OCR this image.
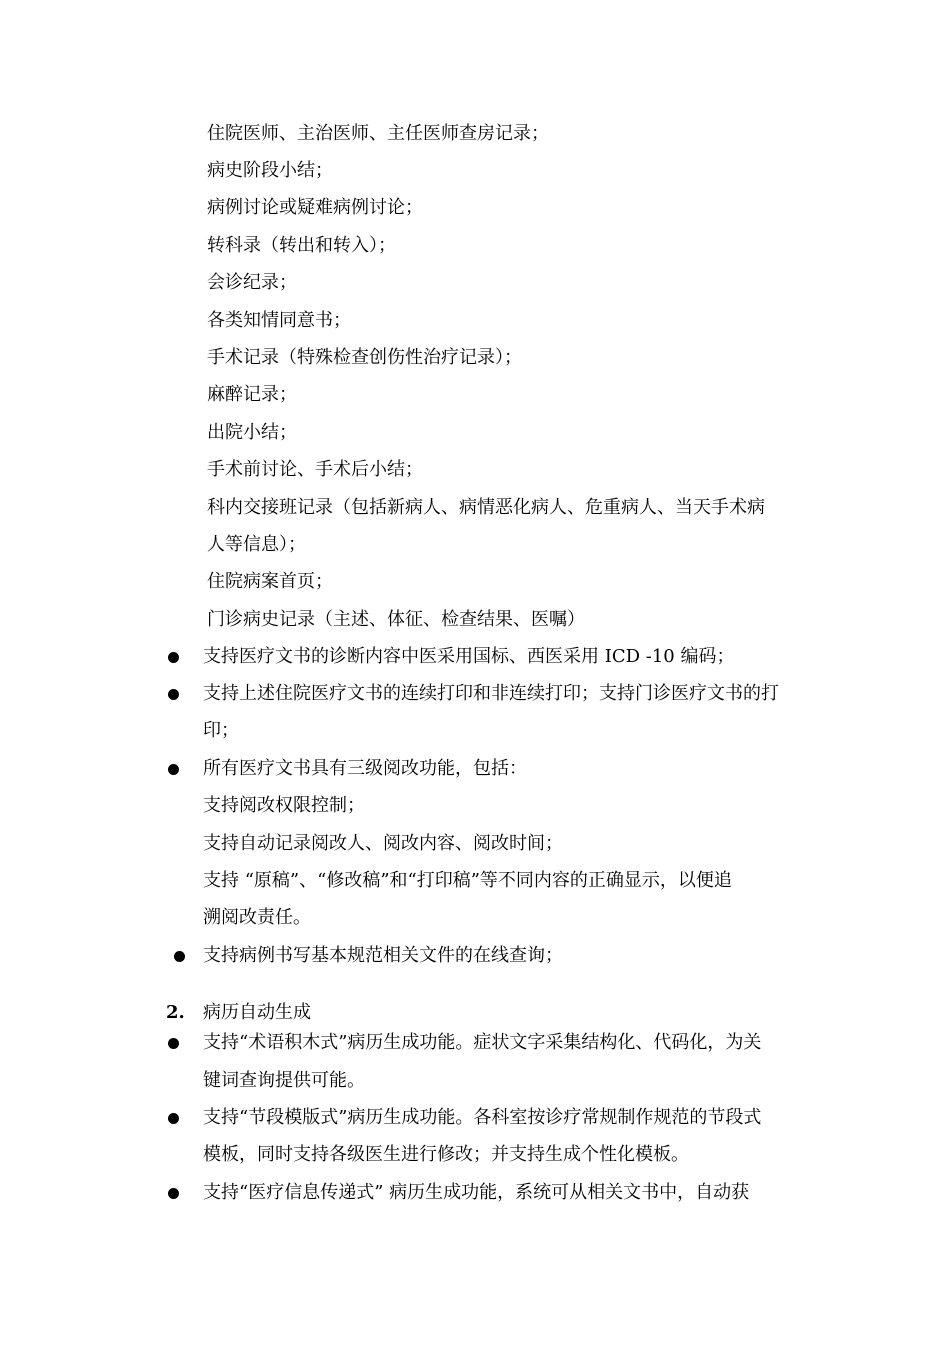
住院医师、主治医师、主任医师查房记录；
病史阶段小结；
病例讨论或疑难病例讨论；
转科录（转出和转入）；
会诊纪录；
各类知情同意书；
手术记录（特殊检查创伤性治疗记录）；
麻醉记录；
出院小结；
手术前讨论、手术后小结；
科内交接班记录（包括新病人、病情恶化病人、危重病人、当天手术病
人等信息）；
住院病案首页；
门诊病史记录（主述、体征、检查结果、医嘱）
支持医疗文书的诊断内容中医采用国标、西医采用 ICD -10 编码；
支持上述住院医疗文书的连续打印和非连续打印；支持门诊医疗文书的打
印；
所有医疗文书具有三级阅改功能，包括：
支持阅改权限控制；
支持自动记录阅改人、阅改内容、阅改时间；
支持 “原稿”、“修改稿”和“打印稿”等不同内容的正确显示，以便追
溯阅改责任。
支持病例书写基本规范相关文件的在线查询；
2. 病历自动生成
支持“术语积木式”病历生成功能。症状文字采集结构化、代码化，为关
键词查询提供可能。
支持“节段模版式”病历生成功能。各科室按诊疗常规制作规范的节段式
模板，同时支持各级医生进行修改；并支持生成个性化模板。
支持“医疗信息传递式” 病历生成功能，系统可从相关文书中，自动获
